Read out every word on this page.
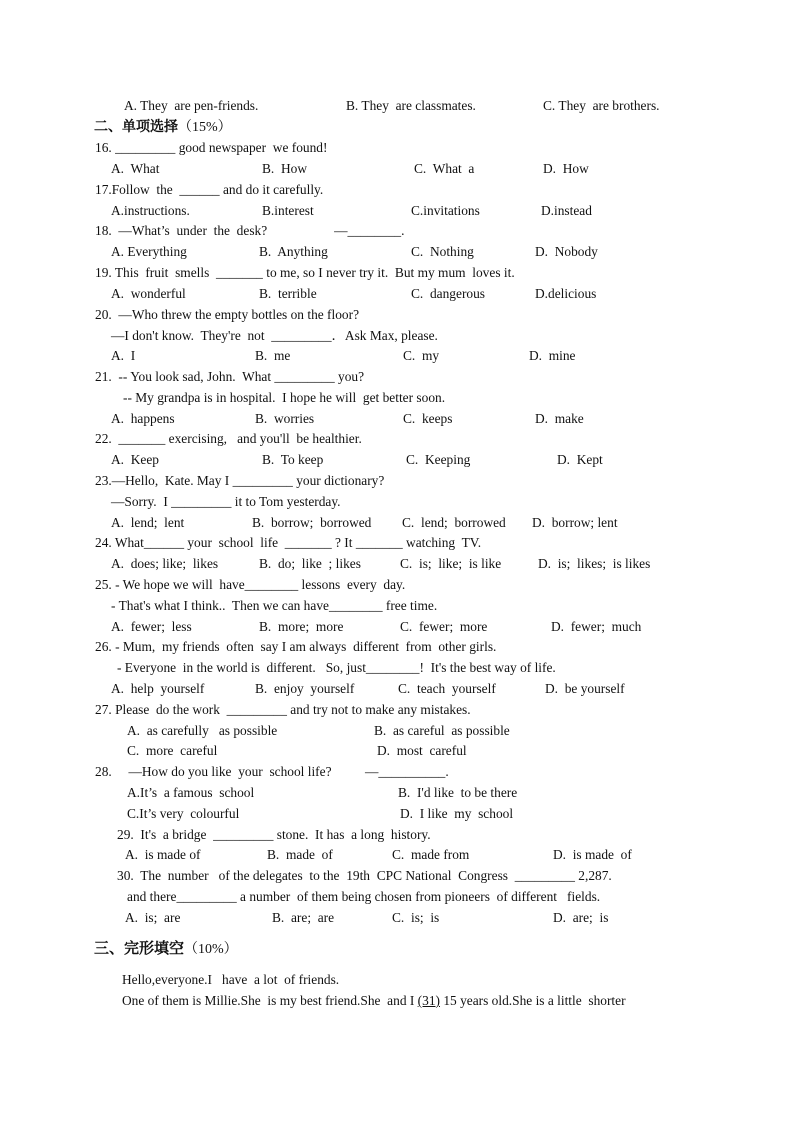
A. They  are pen-friends.	B. They  are classmates.	C. They  are brothers.
二、单项选择（15%）
16. _________ good newspaper  we found!
A.  What	B.  How	C.  What  a	D.  How
17.Follow  the  ______ and do it carefully.
A.instructions.	B.interest	C.invitations	D.instead
18.  —What’s  under  the  desk?                    —________.
A. Everything	B.  Anything	C.  Nothing	D.  Nobody
19. This  fruit  smells  _______ to me, so I never try it.  But my mum  loves it.
A.  wonderful	B.  terrible	C.  dangerous	D.delicious
20.  —Who threw the empty bottles on the floor?
—I don't know.  They're  not  _________．Ask Max, please.
A.  I	B.  me	C.  my	D.  mine
21.  -- You look sad, John.  What _________ you?
-- My grandpa is in hospital.  I hope he will  get better soon.
A.  happens	B.  worries	C.  keeps	D.  make
22.  _______ exercising,   and you'll  be healthier.
A.  Keep	B.  To keep	C.  Keeping	D.  Kept
23.—Hello,  Kate. May I _________ your dictionary?
—Sorry.  I _________ it to Tom yesterday.
A.  lend;  lent	B.  borrow;  borrowed C.  lend;  borrowed D.  borrow; lent
24. What______ your  school  life  _______ ? It _______ watching  TV.
A.  does; like;  likes	B.  do;  like  ; likes	C.  is;  like;  is like	D.  is;  likes;  is likes
25. - We hope we will  have________ lessons  every  day.
- That's what I think..  Then we can have________ free time.
A.  fewer;  less	B.  more;  more	C.  fewer;  more	D.  fewer;  much
26. - Mum,  my friends  often  say I am always  different  from  other girls.
- Everyone  in the world is  different.   So, just________!  It's the best way of life.
A.  help  yourself	B.  enjoy  yourself	C.  teach  yourself	D.  be yourself
27. Please  do the work  _________ and try not to make any mistakes.
A.  as carefully   as possible	B.  as careful  as possible
C.  more  careful	D.  most  careful
28.     —How do you like  your  school life?          —__________.
A.It’s  a famous  school	B.  I'd like  to be there
C.It’s very  colourful	D.  I like  my  school
29.  It's  a bridge  _________ stone.  It has  a long  history.
A.  is made of	B.  made  of	C.  made from	D.  is made  of
30.  The  number   of the delegates  to the  19th  CPC National  Congress  _________ 2,287.
and there_________ a number  of them being chosen from pioneers  of different   fields.
A.  is;  are	B.  are;  are	C.  is;  is	D.  are;  is
三、完形填空（10%）
Hello,everyone.I   have  a lot  of friends.
One of them is Millie.She  is my best friend.She  and I (31) 15 years old.She is a little  shorter
